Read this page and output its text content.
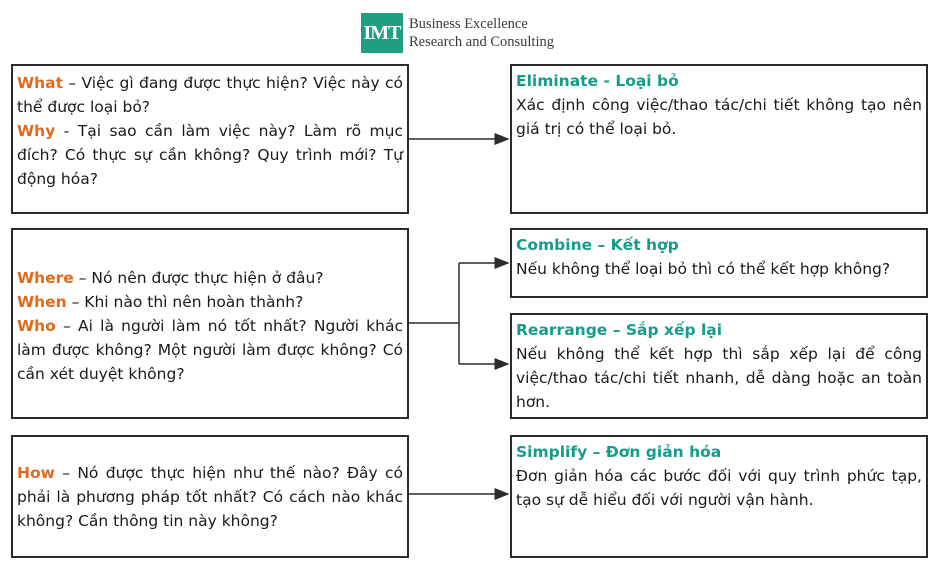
IMT Business Excellence
Research and Consulting
What – Việc gì đang được thực hiện? Việc này có thể được loại bỏ?
Why - Tại sao cần làm việc này? Làm rõ mục đích? Có thực sự cần không? Quy trình mới? Tự động hóa?
Where – Nó nên được thực hiện ở đâu?
When – Khi nào thì nên hoàn thành?
Who – Ai là người làm nó tốt nhất? Người khác làm được không? Một người làm được không? Có cần xét duyệt không?
How – Nó được thực hiện như thế nào? Đây có phải là phương pháp tốt nhất? Có cách nào khác không? Cần thông tin này không?
Eliminate - Loại bỏ
Xác định công việc/thao tác/chi tiết không tạo nên giá trị có thể loại bỏ.
Combine – Kết hợp
Nếu không thể loại bỏ thì có thể kết hợp không?
Rearrange – Sắp xếp lại
Nếu không thể kết hợp thì sắp xếp lại để công việc/thao tác/chi tiết nhanh, dễ dàng hoặc an toàn hơn.
Simplify – Đơn giản hóa
Đơn giản hóa các bước đối với quy trình phức tạp, tạo sự dễ hiểu đối với người vận hành.
